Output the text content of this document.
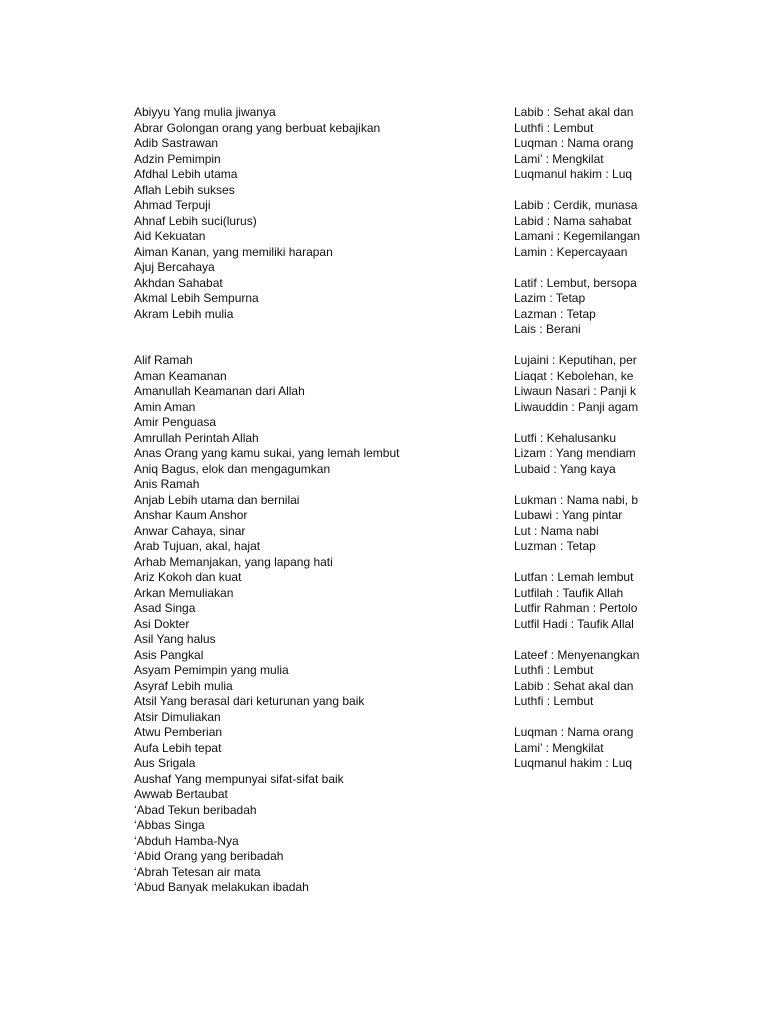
Abiyyu Yang mulia jiwanya
Abrar Golongan orang yang berbuat kebajikan
Adib Sastrawan
Adzin Pemimpin
Afdhal Lebih utama
Aflah Lebih sukses
Ahmad Terpuji
Ahnaf Lebih suci(lurus)
Aid Kekuatan
Aiman Kanan, yang memiliki harapan
Ajuj Bercahaya
Akhdan Sahabat
Akmal Lebih Sempurna
Akram Lebih mulia
Alif Ramah
Aman Keamanan
Amanullah Keamanan dari Allah
Amin Aman
Amir Penguasa
Amrullah Perintah Allah
Anas Orang yang kamu sukai, yang lemah lembut
Aniq Bagus, elok dan mengagumkan
Anis Ramah
Anjab Lebih utama dan bernilai
Anshar Kaum Anshor
Anwar Cahaya, sinar
Arab Tujuan, akal, hajat
Arhab Memanjakan, yang lapang hati
Ariz Kokoh dan kuat
Arkan Memuliakan
Asad Singa
Asi Dokter
Asil Yang halus
Asis Pangkal
Asyam Pemimpin yang mulia
Asyraf Lebih mulia
Atsil Yang berasal dari keturunan yang baik
Atsir Dimuliakan
Atwu Pemberian
Aufa Lebih tepat
Aus Srigala
Aushaf Yang mempunyai sifat-sifat baik
Awwab Bertaubat
‘Abad Tekun beribadah
‘Abbas Singa
‘Abduh Hamba-Nya
‘Abid Orang yang beribadah
‘Abrah Tetesan air mata
‘Abud Banyak melakukan ibadah
Labib : Sehat akal dan
Luthfi : Lembut
Luqman : Nama orang
Lami’ : Mengkilat
Luqmanul hakim : Luq
Labib : Cerdik, munasa
Labid : Nama sahabat
Lamani : Kegemilangan
Lamin : Kepercayaan
Latif : Lembut, bersopa
Lazim : Tetap
Lazman : Tetap
Lais : Berani
Lujaini : Keputihan, per
Liaqat : Kebolehan, ke
Liwaun Nasari : Panji k
Liwauddin : Panji agam
Lutfi : Kehalusanku
Lizam : Yang mendiam
Lubaid : Yang kaya
Lukman : Nama nabi, b
Lubawi : Yang pintar
Lut : Nama nabi
Luzman : Tetap
Lutfan : Lemah lembut
Lutfilah : Taufik Allah
Lutfir Rahman : Pertolo
Lutfil Hadi : Taufik Allal
Lateef : Menyenangkan
Luthfi : Lembut
Labib : Sehat akal dan
Luthfi : Lembut
Luqman : Nama orang
Lami’ : Mengkilat
Luqmanul hakim : Luq
